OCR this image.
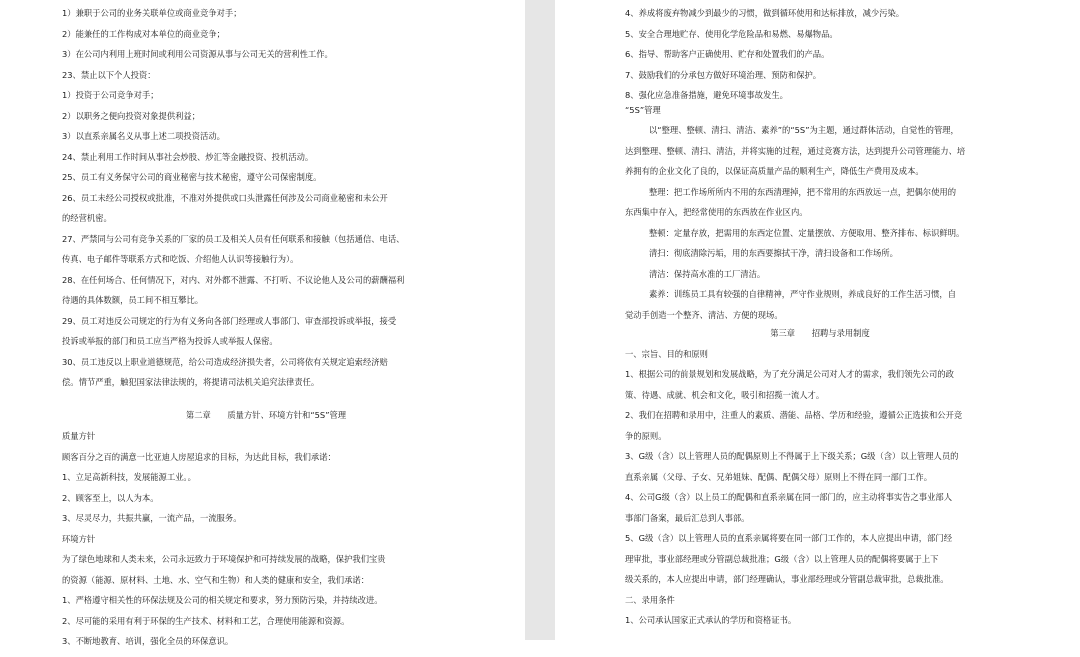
1）兼职于公司的业务关联单位或商业竞争对手；

2）能兼任的工作构成对本单位的商业竞争；

3）在公司内利用上班时间或利用公司资源从事与公司无关的营利性工作。

23、禁止以下个人投资：

1）投资于公司竞争对手；

2）以职务之便向投资对象提供利益；

3）以直系亲属名义从事上述二项投资活动。

24、禁止利用工作时间从事社会炒股、炒汇等金融投资、投机活动。

25、员工有义务保守公司的商业秘密与技术秘密，遵守公司保密制度。

26、员工未经公司授权或批准，不准对外提供或口头泄露任何涉及公司商业秘密和未公开

的经营机密。

27、严禁同与公司有竞争关系的厂家的员工及相关人员有任何联系和接触（包括通信、电话、

传真、电子邮件等联系方式和吃饭、介绍他人认识等接触行为）。

28、在任何场合、任何情况下，对内、对外都不泄露、不打听、不议论他人及公司的薪酬福利

待遇的具体数额，员工间不相互攀比。

29、员工对违反公司规定的行为有义务向各部门经理或人事部门、审查部投诉或举报，接受

投诉或举报的部门和员工应当严格为投诉人或举报人保密。

30、员工违反以上职业道德规范，给公司造成经济损失者，公司将依有关规定追索经济赔

偿。情节严重，触犯国家法律法规的，将提请司法机关追究法律责任。

第二章　　质量方针、环境方针和“5S”管理

质量方针

顾客百分之百的满意一比亚迪人房屋追求的目标，为达此目标，我们承诺：

1、立足高新科技，发展能源工业。。

2、顾客至上，以人为本。

3、尽灵尽力，共振共赢，一流产品，一流服务。

环境方针

为了绿色地球和人类未来，公司永远致力于环境保护和可持续发展的战略，保护我们宝贵

的资源（能源、原材料、土地、水、空气和生物）和人类的健康和安全，我们承诺：

1、严格遵守相关性的环保法规及公司的相关规定和要求，努力预防污染，并持续改进。

2、尽可能的采用有利于环保的生产技术、材料和工艺，合理使用能源和资源。

3、不断地教育、培训，强化全员的环保意识。

4、养成将废弃物减少到最少的习惯，做到循环使用和达标排放，减少污染。

5、安全合理地贮存、使用化学危险品和易燃、易爆物品。

6、指导、帮助客户正确使用、贮存和处置我们的产品。

7、鼓励我们的分承包方做好环境治理、预防和保护。

8、强化应急准备措施，避免环境事故发生。

“5S”管理

以“整理、整顿、清扫、清洁、素养”的“5S”为主题，通过群体活动，自觉性的管理，

达到整理、整顿、清扫、清洁，并将实施的过程，通过竞赛方法，达到提升公司管理能力、培

养拥有的企业文化了良的，以保证高质量产品的顺利生产，降低生产费用及成本。

整理：把工作场所所内不用的东西清理掉，把不常用的东西放远一点，把偶尔使用的

东西集中存入，把经常使用的东西放在作业区内。

整顿：定量存放，把需用的东西定位置、定量摆放、方便取用、整齐排布、标识鲜明。

清扫：彻底清除污垢，用的东西要擦拭干净，清扫设备和工作场所。

清洁：保持高水准的工厂清洁。

素养：训练员工具有较强的自律精神，严守作业规则，养成良好的工作生活习惯，自

觉动手创造一个整齐、清洁、方便的现场。

第三章　　招聘与录用制度

一、宗旨、目的和原则

1、根据公司的前景规划和发展战略，为了充分满足公司对人才的需求，我们领先公司的政

策、待遇、成就、机会和文化，吸引和招揽一流人才。

2、我们在招聘和录用中，注重人的素质、潜能、品格、学历和经验，遵循公正选拔和公开竞

争的原则。

3、G级（含）以上管理人员的配偶原则上不得属于上下级关系；G级（含）以上管理人员的

直系亲属（父母、子女、兄弟姐妹、配偶、配偶父母）原则上不得在同一部门工作。

4、公司G级（含）以上员工的配偶和直系亲属在同一部门的，应主动将事实告之事业部人

事部门备案，最后汇总到人事部。

5、G级（含）以上管理人员的直系亲属将要在同一部门工作的，本人应提出申请，部门经

理审批，事业部经理或分管副总裁批准；G级（含）以上管理人员的配偶将要属于上下

级关系的，本人应提出申请，部门经理确认，事业部经理或分管副总裁审批，总裁批准。

二、录用条件

1、公司承认国家正式承认的学历和资格证书。
